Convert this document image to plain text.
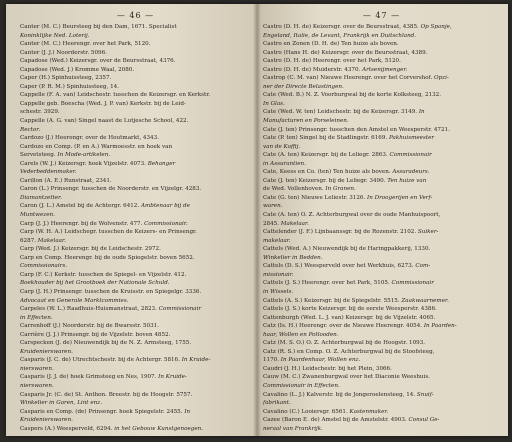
— 46 —
Canter (M. C.) Beursteeg bij den Dam, 1671. Specialist
Koninklijke Ned. Loterij.
Canter (M. C.) Heerengr. over het Park, 5120.
Canter (J. J.) Noorderstr. 5096.
Capadose (Wed.) Keizersgr. over de Beursstraat, 4376.
Capadose (Wed. J.) Kromme Waal, 2080.
Caper (H.) Spinhuissteeg, 2357.
Caper (P. R. M.) Spinhuissteeg, 14.
Cappelle (F. A. van) Leidschestr. tusschen de Keizersgr. en Kerkstr.
Cappelle geb. Boescha (Wed. J. P. van) Kerkstr. bij de Leid-
schestr. 3929.
Cappelle (A. G. van) Singel naast de Lutjesche School, 422.
Rector.
Cardozo (J.) Heerengr. over de Houtmarkt, 4343.
Cardozo en Comp. (P. en A.) Warmoesstr. en hoek van
Servetsteeg. In Mode-artikelen.
Carels (W. J.) Keizersgr. hoek Vijzelstr. 4073. Behanger
Vederbeddenmaker.
Carillon (A. E.) Runstraat, 2341.
Caron (L.) Prinsengr. tusschen de Noorderstr. en Vijzelgr. 4283.
Diamantzetter.
Caron (J. L.) Amstel bij de Achtergr. 6412. Ambtenaar bij de
Muntwezen.
Carp (J. J.) Heerengr. bij de Wolvenstr. 477. Commissionair.
Carp (W. H. A.) Leidschegr. tusschen de Keizers- en Prinsengr.
6287. Makelaar.
Carp (Wed. J.) Keizersgr. bij de Leidschestr. 2972.
Carp en Comp. Heerengr. bij de oude Spiegelstr. boven 5652.
Commissionairs.
Carp (F. C.) Kerkstr. tusschen de Spiegel- en Vijzelstr. 412.
Boekhouder bij het Grootboek der Nationale Schuld.
Carp (J. H.) Prinsengr. tusschen de Kruisstr. en Spiegelgr. 3336.
Advocaat en Generale Marktcommies.
Carpeles (W. L.) Raadhuis-Huismanstraat, 2823. Commissionair
in Effecten.
Carrenhoff (J.) Noorderstr. bij de Bwarsstr. 5031.
Carrière (J. J.) Prinsengr. bij de Vijzelstr. boven 4852.
Carspecken (J. de) Nieuwendijk bij de N. Z. Armsteeg, 1755.
Kruidenierswaren.
Casparis (J. C. de) Utrechtschestr. bij de Achtergr. 5816. In Kruide-
nierswaren.
Casparis (J. J. de) hoek Grimsteeg en Nes, 1907. In Kruide-
nierswaren.
Casparis Jr. (C. de) St. Anthon. Breestr. bij de Hoogstr. 5757.
Winkelier in Garen, Lint enz.
Casparis en Comp. (de) Prinsengr. hoek Spiegelstr. 2455. In
Kruidenierswaren.
Caspers (A.) Weesperveld, 6294. in het Gebouw Kunstgenoegen.
— 47 —
Castro (D. H. de) Keizersgr. over de Beursstraat, 4385. Op Spanje,
Engeland, Italie, de Levant, Frankrijk en Duitschland.
Castro en Zonen (D. H. de) Ten huize als boven.
Castro (Hans H. de) Keizersgr. over de Beursstraat, 4389.
Castro (D. H. de) Heerengr. over het Park, 5120.
Castro (D. H. de) Muiderstr. 4370. Artsenijmenger.
Castrop (C. M. van) Nieuwe Heerengr. over het Corvershof. Opzi-
ner der Directe Belastingen.
Cate (Wed. B.) N. Z. Voorburgwal bij de korte Kolksteeg, 2132.
In Glas.
Cate (Wed. W. ten) Leidschestr. bij de Keizersgr. 3149. In
Manufacturen en Porseleinen.
Cate (J. ten) Prinsengr. tusschen den Amstel en Weesperstr. 4721.
Cate (P. ten) Singel bij de Stadlingstr. 6169. Pakhuismeester
van de Koffij.
Cate (A. ten) Keizersgr. bij de Leliegr. 2863. Commissionair
in Assurantien.
Cate, Keess en Co. (ten) Ten huize als boven. Assuradeurs.
Cate (J. ten) Keizersgr. bij de Leliegr. 3490. Ten huize van
de Wed. Vollenhoven. In Granen.
Cate (G. ten) Nieuwe Leliestr. 3126. In Droogerijen en Verf-
waren.
Cate (A. ten) O. Z. Achterburgwal over de oude Manhuispoort,
2845. Makelaar.
Cattelender (J. F.) Lijnbaanssgr. bij de Rozenstr. 2102. Suiker-
makelaar.
Cattels (Wed. A.) Nieuwendijk bij de Haringpakkerij, 1330.
Winkelier in Bedden.
Cattels (D. S.) Weesperveld over het Werkhuis, 6273. Com-
missionair.
Cattels (J. S.) Heerengr. over het Park, 5105. Commissionair
in Wissels.
Cattels (A. S.) Keizersgr. bij de Spiegelstr. 5515. Zaakwaarnemer.
Cattels (J. S.) korte Keizersgr. bij de eerste Weesperstr. 4386.
Cattenburgh (Wed. L. J. van) Keizersgr. bij de Vijzelstr. 4065.
Catz (Is. H.) Heerengr. over de Nieuwe Heerengr. 4054. In Paarden-
haar, Wollen en Potlooden.
Catz (M. S. O.) O. Z. Achterburgwal bij de Hoogstr. 1093.
Catz (R. S.) en Comp. O. Z. Achterburgwal bij de Stoofsteeg,
1170. In Paardenhaar, Wollen enz.
Caudri (J. H.) Leidschestr. bij het Plein, 3066.
Cauw (M. C.) Zwanenburgwal over het Diaconie Weeshuis.
Commissionair in Effecten.
Cavalino (L. J.) Kalverstr. bij de Jongeroelensteeg, 14. Snuif-
fabrikant.
Cavalino (C.) Looiersgr. 6561. Kastenmaker.
Cazee (Baron E. de) Amstel bij de Amstelstr. 4903. Consul Ge-
neraal van Frankrijk.
